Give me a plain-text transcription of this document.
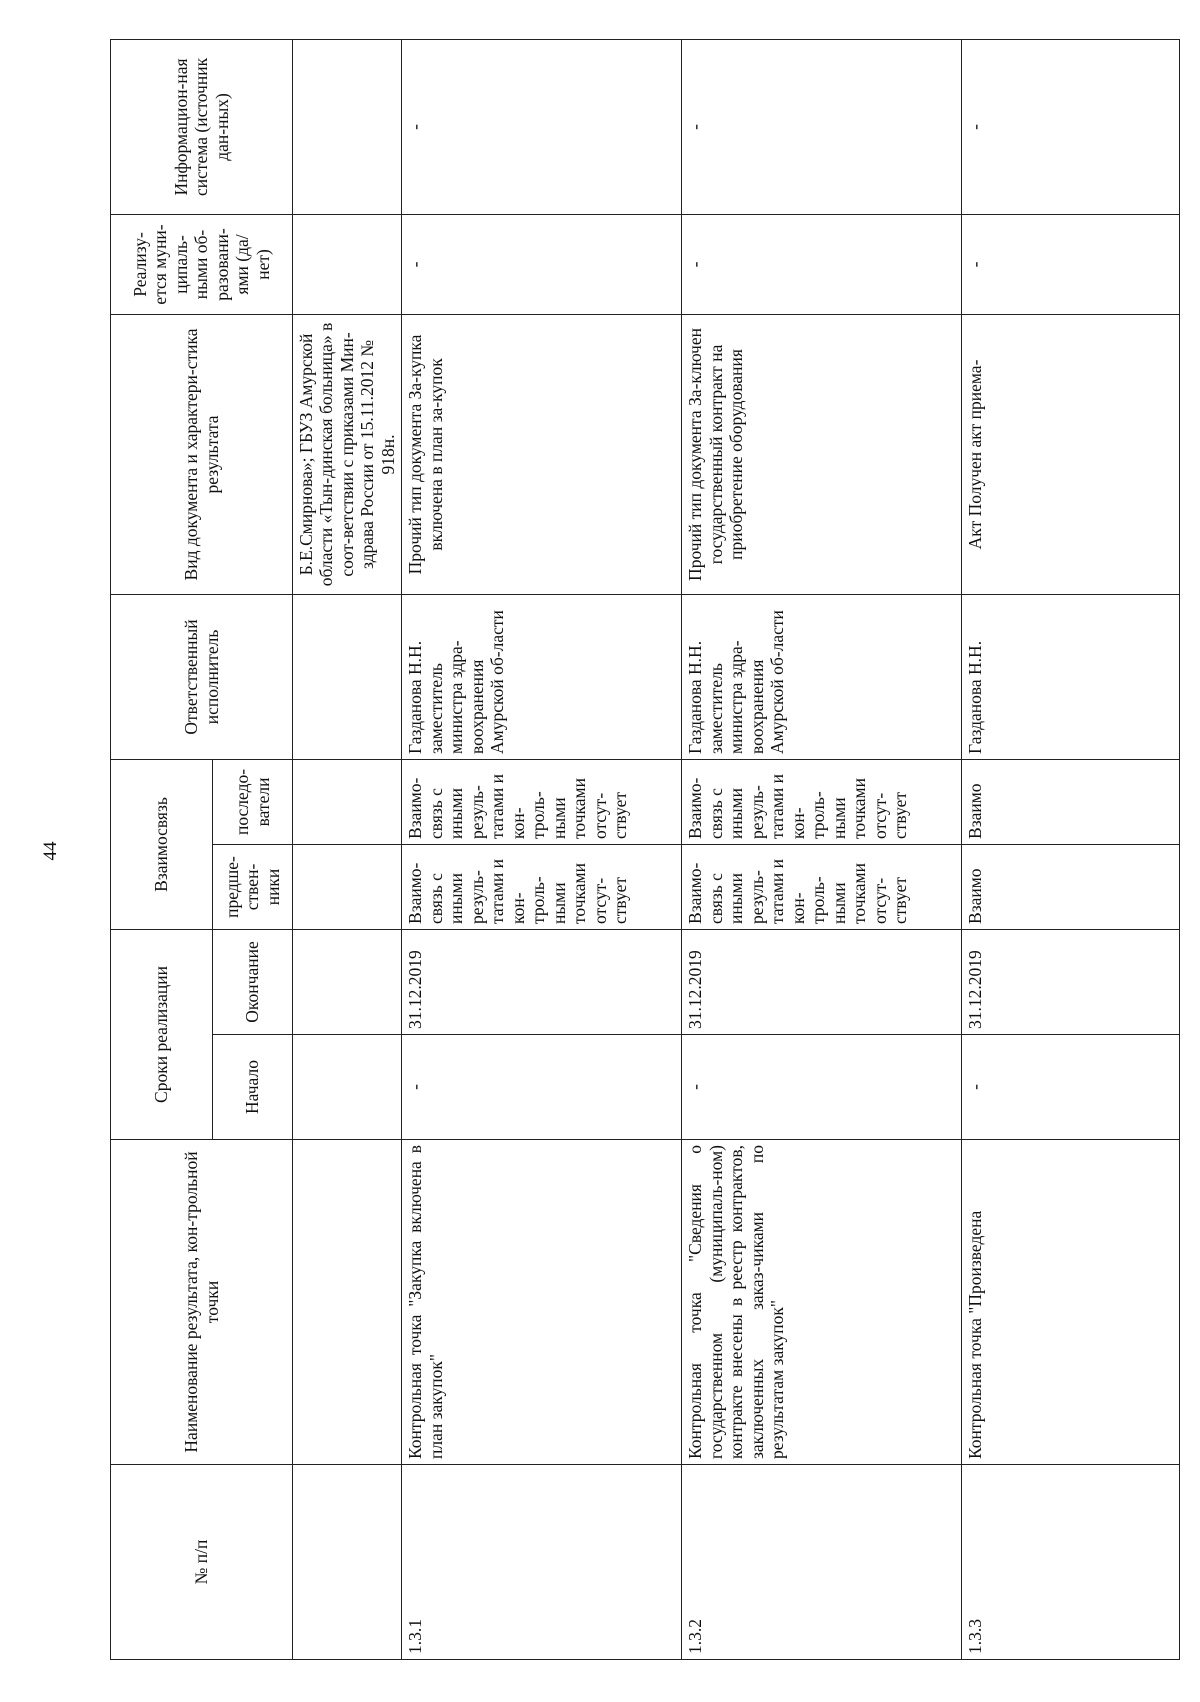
44
№ п/п	Наименование результата, кон-трольной точки	Сроки реализации		Взаимосвязь		Ответственный исполнитель	Вид документа и характери-стика результата	Реализу-ется муни-ципаль-ными об-разовани-ями (да/нет)	Информацион-ная система (источник дан-ных)
		Начало	Окончание	предше-ствен-ники	последо-ватели				
							Б.Е.Смирнова»; ГБУЗ Амурской области «Тын-динская больница» в соот-ветствии с приказами Мин-здрава России от 15.11.2012 № 918н.		
1.3.1	Контрольная точка "Закупка включена в план закупок"	-	31.12.2019	Взаимо-связь с иными резуль-татами и кон-троль-ными точками отсут-ствует	Взаимо-связь с иными резуль-татами и кон-троль-ными точками отсут-ствует	Газданова Н.Н. заместитель министра здра-воохранения Амурской об-ласти	Прочий тип документа За-купка включена в план за-купок	-	-
1.3.2	Контрольная точка "Сведения о государственном (муниципаль-ном) контракте внесены в реестр контрактов, заключенных заказ-чиками по результатам закупок"	-	31.12.2019	Взаимо-связь с иными резуль-татами и кон-троль-ными точками отсут-ствует	Взаимо-связь с иными резуль-татами и кон-троль-ными точками отсут-ствует	Газданова Н.Н. заместитель министра здра-воохранения Амурской об-ласти	Прочий тип документа За-ключен государственный контракт на приобретение оборудования	-	-
1.3.3	Контрольная точка "Произведена	-	31.12.2019	Взаимо	Взаимо	Газданова Н.Н.	Акт Получен акт приема-	-	-
